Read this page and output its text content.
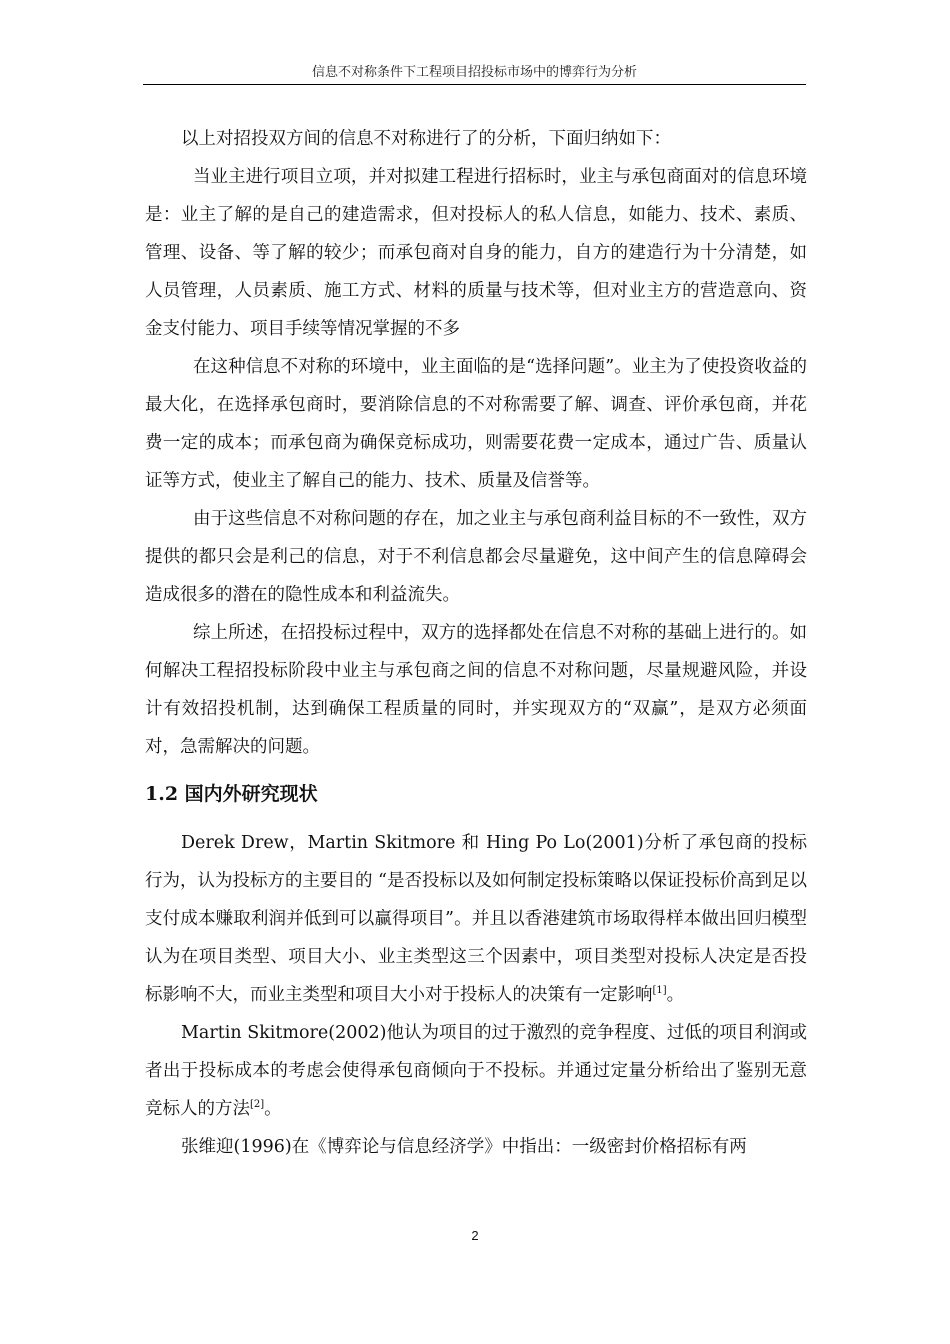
信息不对称条件下工程项目招投标市场中的博弈行为分析

以上对招投双方间的信息不对称进行了的分析，下面归纳如下：

当业主进行项目立项，并对拟建工程进行招标时，业主与承包商面对的信息环境是：业主了解的是自己的建造需求，但对投标人的私人信息，如能力、技术、素质、管理、设备、等了解的较少；而承包商对自身的能力，自方的建造行为十分清楚，如人员管理，人员素质、施工方式、材料的质量与技术等，但对业主方的营造意向、资金支付能力、项目手续等情况掌握的不多

在这种信息不对称的环境中，业主面临的是“选择问题”。业主为了使投资收益的最大化，在选择承包商时，要消除信息的不对称需要了解、调查、评价承包商，并花费一定的成本；而承包商为确保竞标成功，则需要花费一定成本，通过广告、质量认证等方式，使业主了解自己的能力、技术、质量及信誉等。

由于这些信息不对称问题的存在，加之业主与承包商利益目标的不一致性，双方提供的都只会是利己的信息，对于不利信息都会尽量避免，这中间产生的信息障碍会造成很多的潜在的隐性成本和利益流失。

综上所述，在招投标过程中，双方的选择都处在信息不对称的基础上进行的。如何解决工程招投标阶段中业主与承包商之间的信息不对称问题，尽量规避风险，并设计有效招投机制，达到确保工程质量的同时，并实现双方的“双赢”，是双方必须面对，急需解决的问题。

1.2 国内外研究现状

Derek Drew，Martin Skitmore 和 Hing Po Lo(2001)分析了承包商的投标行为，认为投标方的主要目的 “是否投标以及如何制定投标策略以保证投标价高到足以支付成本赚取利润并低到可以赢得项目”。并且以香港建筑市场取得样本做出回归模型认为在项目类型、项目大小、业主类型这三个因素中，项目类型对投标人决定是否投标影响不大，而业主类型和项目大小对于投标人的决策有一定影响[1]。

Martin Skitmore(2002)他认为项目的过于激烈的竞争程度、过低的项目利润或者出于投标成本的考虑会使得承包商倾向于不投标。并通过定量分析给出了鉴别无意竞标人的方法[2]。

张维迎(1996)在《博弈论与信息经济学》中指出：一级密封价格招标有两

2
